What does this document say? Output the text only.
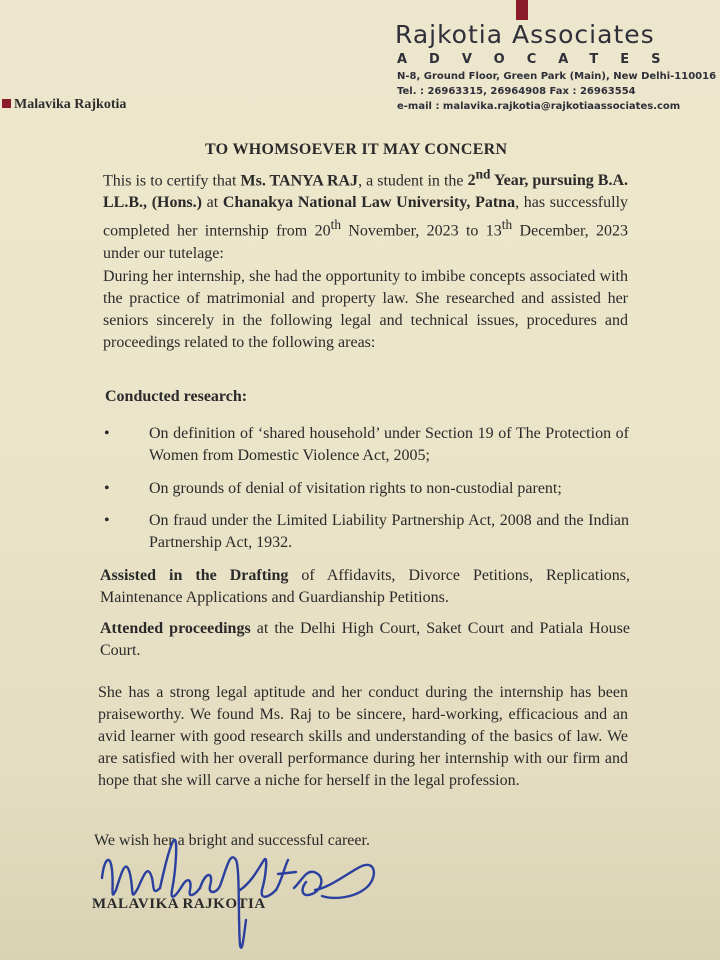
Rajkotia Associates
ADVOCATES
N-8, Ground Floor, Green Park (Main), New Delhi-110016
Tel. : 26963315, 26964908 Fax : 26963554
e-mail : malavika.rajkotia@rajkotiaassociates.com
Malavika Rajkotia
TO WHOMSOEVER IT MAY CONCERN
This is to certify that Ms. TANYA RAJ, a student in the 2nd Year, pursuing B.A. LL.B., (Hons.) at Chanakya National Law University, Patna, has successfully completed her internship from 20th November, 2023 to 13th December, 2023 under our tutelage:
During her internship, she had the opportunity to imbibe concepts associated with the practice of matrimonial and property law. She researched and assisted her seniors sincerely in the following legal and technical issues, procedures and proceedings related to the following areas:
Conducted research:
• On definition of ‘shared household’ under Section 19 of The Protection of Women from Domestic Violence Act, 2005;
• On grounds of denial of visitation rights to non-custodial parent;
• On fraud under the Limited Liability Partnership Act, 2008 and the Indian Partnership Act, 1932.
Assisted in the Drafting of Affidavits, Divorce Petitions, Replications, Maintenance Applications and Guardianship Petitions.
Attended proceedings at the Delhi High Court, Saket Court and Patiala House Court.
She has a strong legal aptitude and her conduct during the internship has been praiseworthy. We found Ms. Raj to be sincere, hard-working, efficacious and an avid learner with good research skills and understanding of the basics of law. We are satisfied with her overall performance during her internship with our firm and hope that she will carve a niche for herself in the legal profession.
We wish her a bright and successful career.
MALAVIKA RAJKOTIA
